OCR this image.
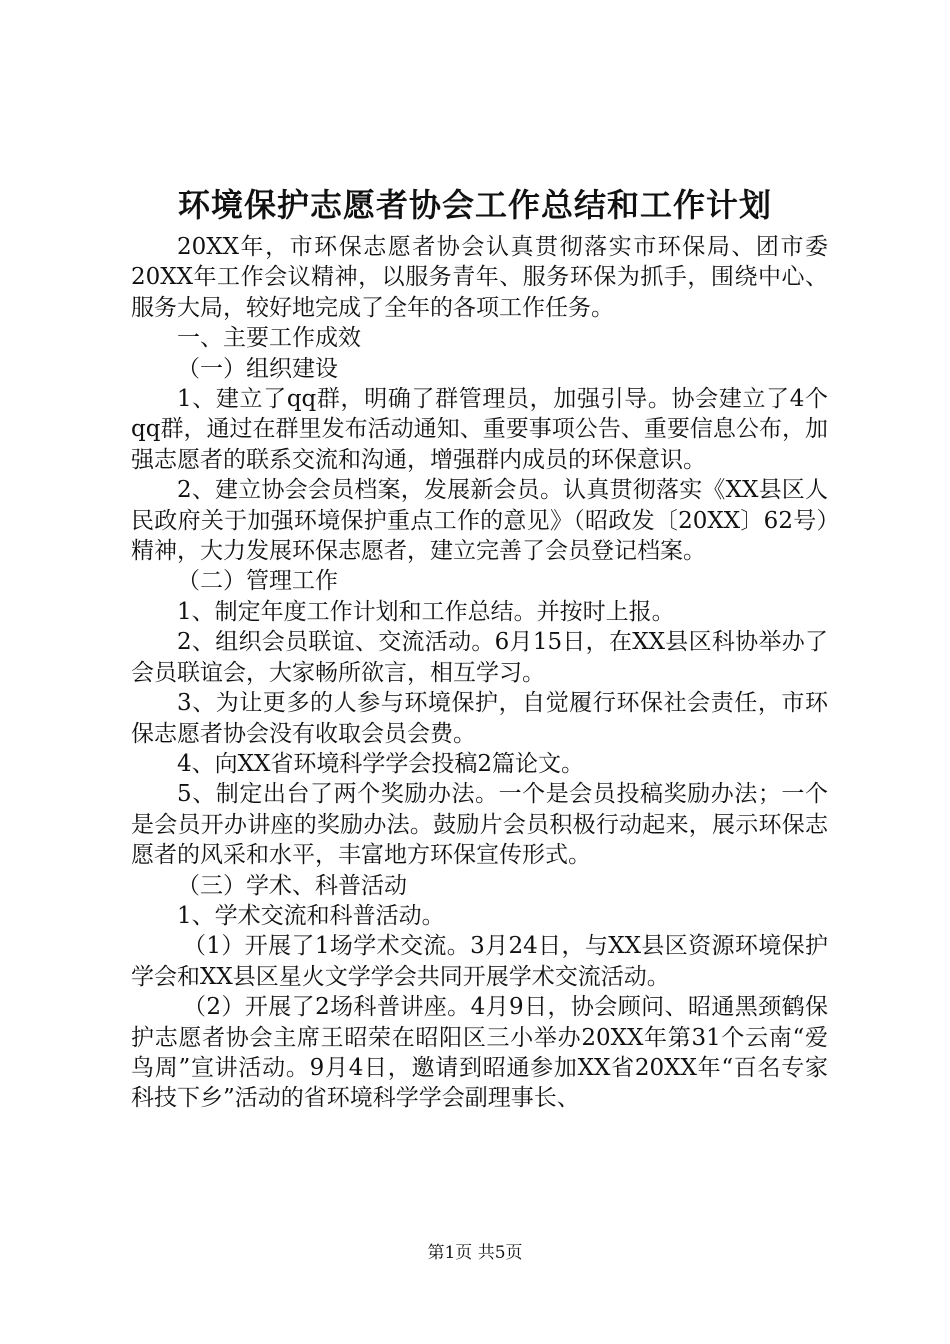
环境保护志愿者协会工作总结和工作计划

20XX年，市环保志愿者协会认真贯彻落实市环保局、团市委20XX年工作会议精神，以服务青年、服务环保为抓手，围绕中心、服务大局，较好地完成了全年的各项工作任务。

一、主要工作成效

（一）组织建设

1、建立了qq群，明确了群管理员，加强引导。协会建立了4个qq群，通过在群里发布活动通知、重要事项公告、重要信息公布，加强志愿者的联系交流和沟通，增强群内成员的环保意识。

2、建立协会会员档案，发展新会员。认真贯彻落实《XX县区人民政府关于加强环境保护重点工作的意见》（昭政发〔20XX〕62号）精神，大力发展环保志愿者，建立完善了会员登记档案。

（二）管理工作

1、制定年度工作计划和工作总结。并按时上报。

2、组织会员联谊、交流活动。6月15日，在XX县区科协举办了会员联谊会，大家畅所欲言，相互学习。

3、为让更多的人参与环境保护，自觉履行环保社会责任，市环保志愿者协会没有收取会员会费。

4、向XX省环境科学学会投稿2篇论文。

5、制定出台了两个奖励办法。一个是会员投稿奖励办法；一个是会员开办讲座的奖励办法。鼓励片会员积极行动起来，展示环保志愿者的风采和水平，丰富地方环保宣传形式。

（三）学术、科普活动

1、学术交流和科普活动。

（1）开展了1场学术交流。3月24日，与XX县区资源环境保护学会和XX县区星火文学学会共同开展学术交流活动。

（2）开展了2场科普讲座。4月9日，协会顾问、昭通黑颈鹤保护志愿者协会主席王昭荣在昭阳区三小举办20XX年第31个云南“爱鸟周”宣讲活动。9月4日，邀请到昭通参加XX省20XX年“百名专家科技下乡”活动的省环境科学学会副理事长、

第1页 共5页
